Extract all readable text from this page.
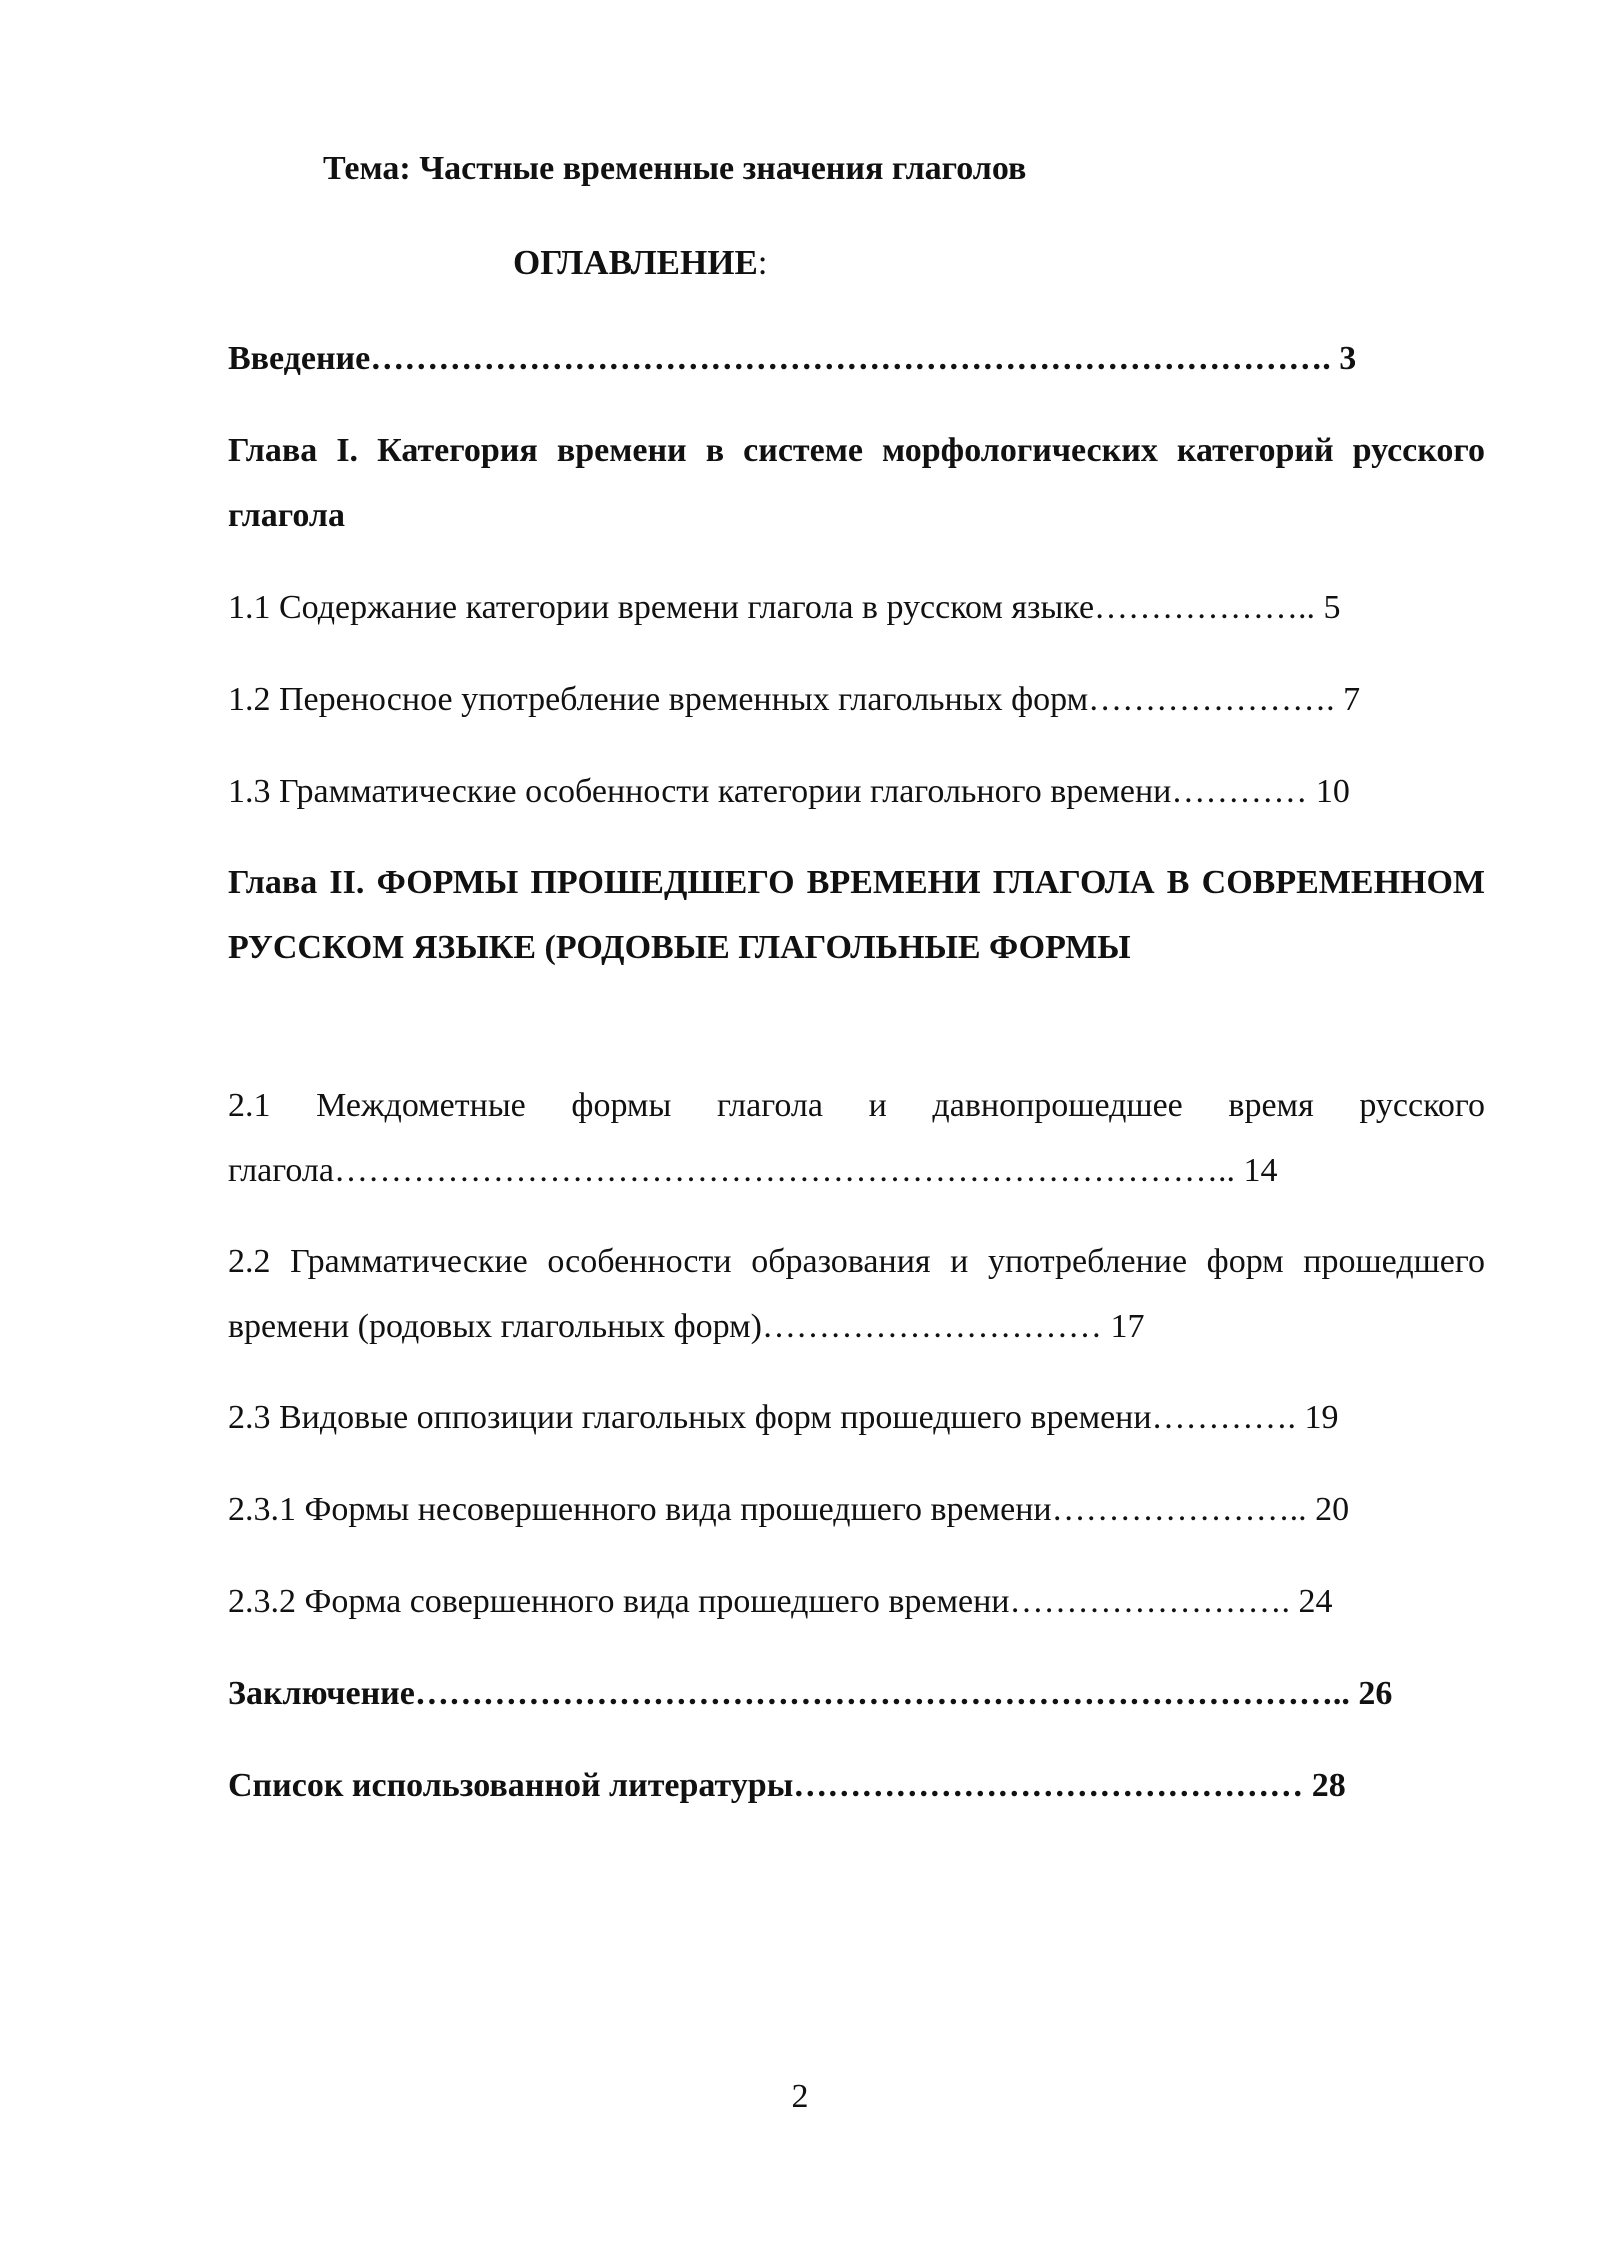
Тема: Частные временные значения глаголов
ОГЛАВЛЕНИЕ:
Введение…………………………………………………………………………. 3
Глава I. Категория времени в системе морфологических категорий русского глагола
1.1 Содержание категории времени глагола в русском языке……………….. 5
1.2 Переносное употребление временных глагольных форм…………………. 7
1.3 Грамматические особенности категории глагольного времени………… 10
Глава II. ФОРМЫ ПРОШЕДШЕГО ВРЕМЕНИ ГЛАГОЛА В СОВРЕМЕННОМ РУССКОМ ЯЗЫКЕ (РОДОВЫЕ ГЛАГОЛЬНЫЕ ФОРМЫ
2.1 Междометные формы глагола и давнопрошедшее время русского глагола…………………………………………………………………….. 14
2.2 Грамматические особенности образования и употребление форм прошедшего времени (родовых глагольных форм)………………………… 17
2.3 Видовые оппозиции глагольных форм прошедшего времени…………. 19
2.3.1 Формы несовершенного вида прошедшего времени………………….. 20
2.3.2 Форма совершенного вида прошедшего времени……………………. 24
Заключение……………………………………………………………………….. 26
Список использованной литературы……………………………………… 28
2
